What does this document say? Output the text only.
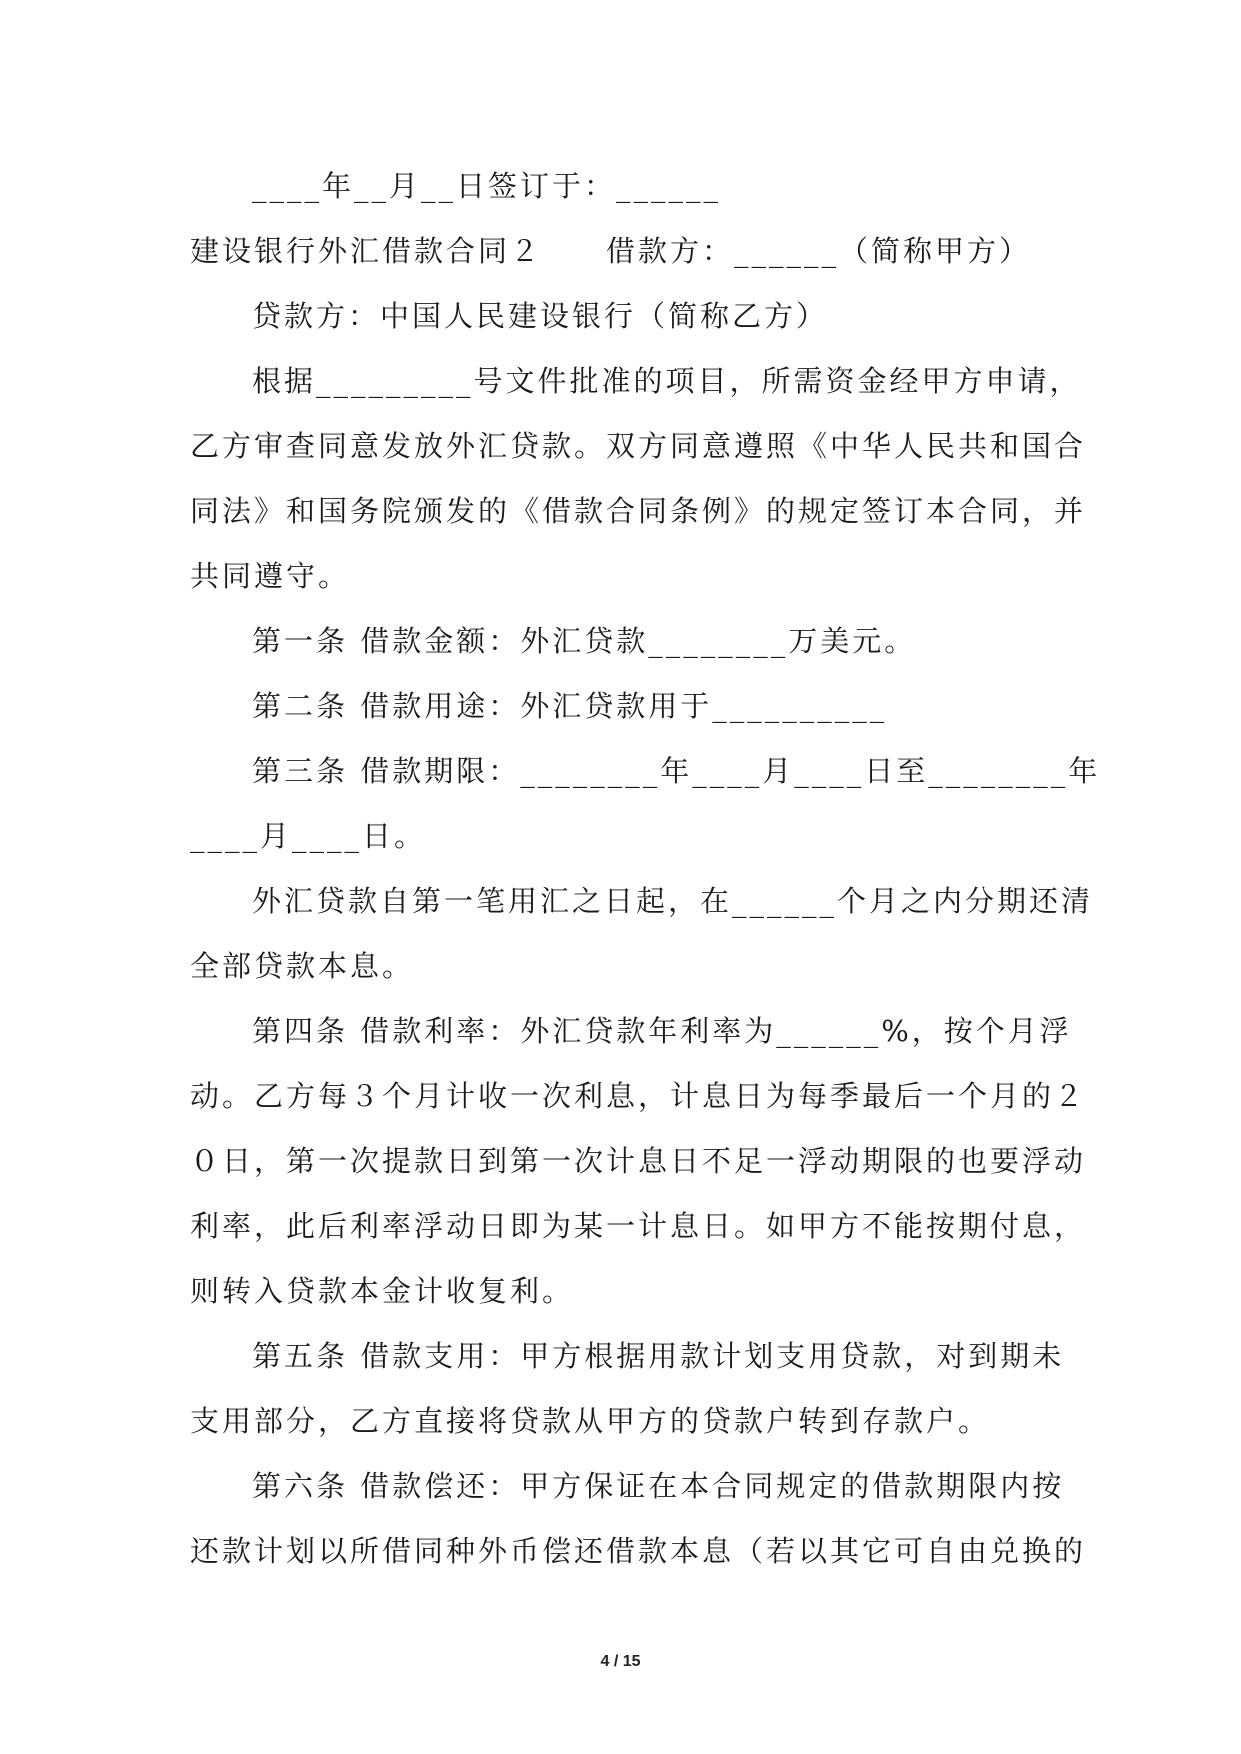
____年__月__日签订于：______
建设银行外汇借款合同２　　借款方：______（简称甲方）
贷款方：中国人民建设银行（简称乙方）
根据_________号文件批准的项目，所需资金经甲方申请，
乙方审查同意发放外汇贷款。双方同意遵照《中华人民共和国合
同法》和国务院颁发的《借款合同条例》的规定签订本合同，并
共同遵守。
第一条 借款金额：外汇贷款________万美元。
第二条 借款用途：外汇贷款用于__________
第三条 借款期限：________年____月____日至________年
____月____日。
外汇贷款自第一笔用汇之日起，在______个月之内分期还清
全部贷款本息。
第四条 借款利率：外汇贷款年利率为______%，按个月浮
动。乙方每３个月计收一次利息，计息日为每季最后一个月的２
０日，第一次提款日到第一次计息日不足一浮动期限的也要浮动
利率，此后利率浮动日即为某一计息日。如甲方不能按期付息，
则转入贷款本金计收复利。
第五条 借款支用：甲方根据用款计划支用贷款，对到期未
支用部分，乙方直接将贷款从甲方的贷款户转到存款户。
第六条 借款偿还：甲方保证在本合同规定的借款期限内按
还款计划以所借同种外币偿还借款本息（若以其它可自由兑换的
4 / 15
